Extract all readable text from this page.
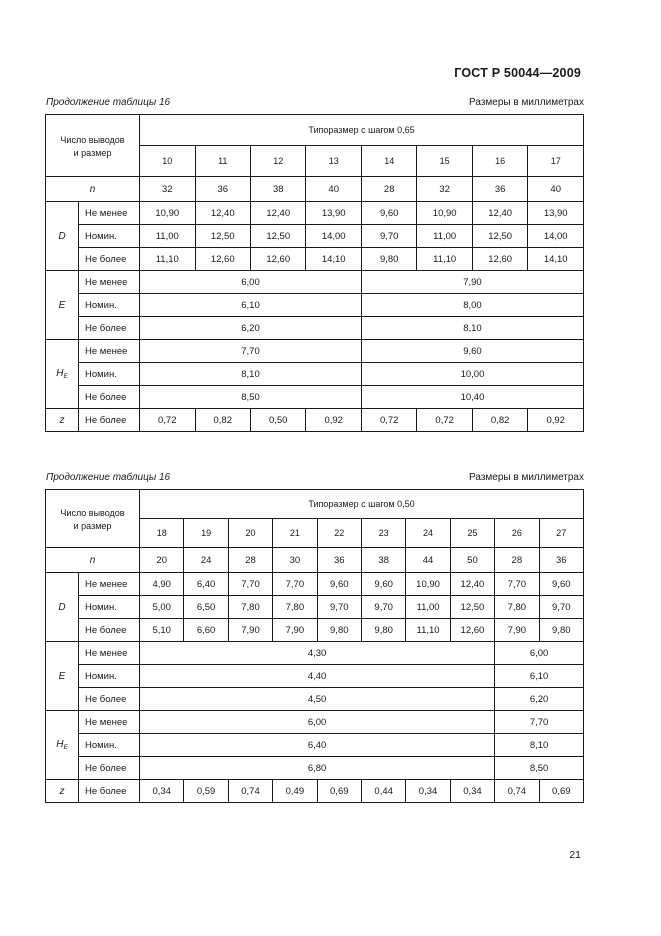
ГОСТ Р 50044—2009
Продолжение таблицы 16	Размеры в миллиметрах
Число выводов
и размер		Типоразмер с шагом 0,65							
		10	11	12	13	14	15	16	17
n		32	36	38	40	28	32	36	40
D	Не менее	10,90	12,40	12,40	13,90	9,60	10,90	12,40	13,90
	Номин.	11,00	12,50	12,50	14,00	9,70	11,00	12,50	14,00
	Не более	11,10	12,60	12,60	14,10	9,80	11,10	12,60	14,10
E	Не менее	6,00				7,90			
	Номин.	6,10				8,00			
	Не более	6,20				8,10			
$H_E$	Не менее	7,70				9,60			
	Номин.	8,10				10,00			
	Не более	8,50				10,40			
z	Не более	0,72	0,82	0,50	0,92	0,72	0,72	0,82	0,92
Продолжение таблицы 16	Размеры в миллиметрах
Число выводов
и размер		Типоразмер с шагом 0,50									
		18	19	20	21	22	23	24	25	26	27
n		20	24	28	30	36	38	44	50	28	36
D	Не менее	4,90	6,40	7,70	7,70	9,60	9,60	10,90	12,40	7,70	9,60
	Номин.	5,00	6,50	7,80	7,80	9,70	9,70	11,00	12,50	7,80	9,70
	Не более	5,10	6,60	7,90	7,90	9,80	9,80	11,10	12,60	7,90	9,80
E	Не менее	4,30								6,00	
	Номин.	4,40								6,10	
	Не более	4,50								6,20	
$H_E$	Не менее	6,00								7,70	
	Номин.	6,40								8,10	
	Не более	6,80								8,50	
z	Не более	0,34	0,59	0,74	0,49	0,69	0,44	0,34	0,34	0,74	0,69
21
